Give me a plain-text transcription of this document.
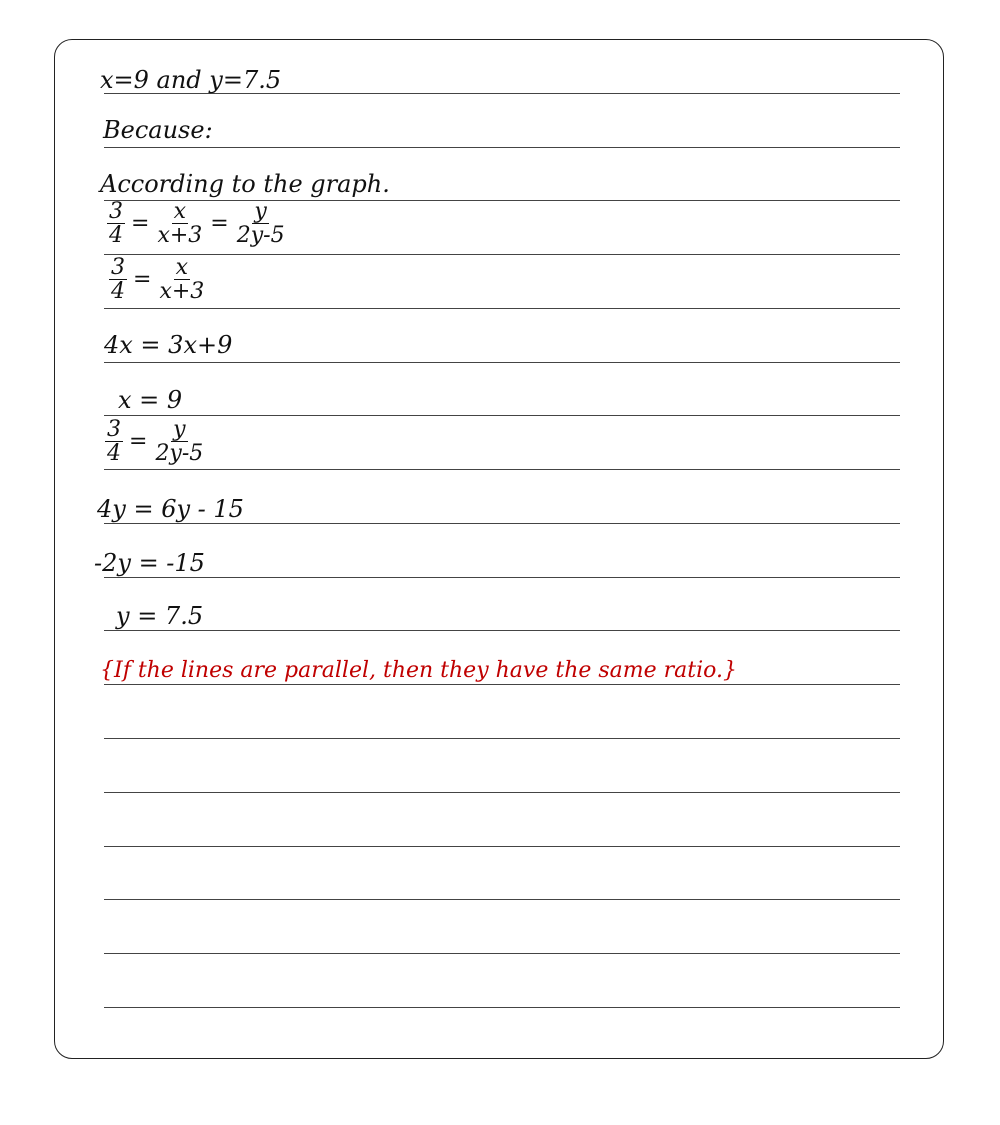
x=9 and y=7.5
Because:
According to the graph.
$\frac{3}{4} = \frac{x}{x+3} = \frac{y}{2y-5}$
$\frac{3}{4} = \frac{x}{x+3}$
4x = 3x+9
x = 9
$\frac{3}{4} = \frac{y}{2y-5}$
4y = 6y - 15
-2y = -15
y = 7.5
{If the lines are parallel, then they have the same ratio.}
